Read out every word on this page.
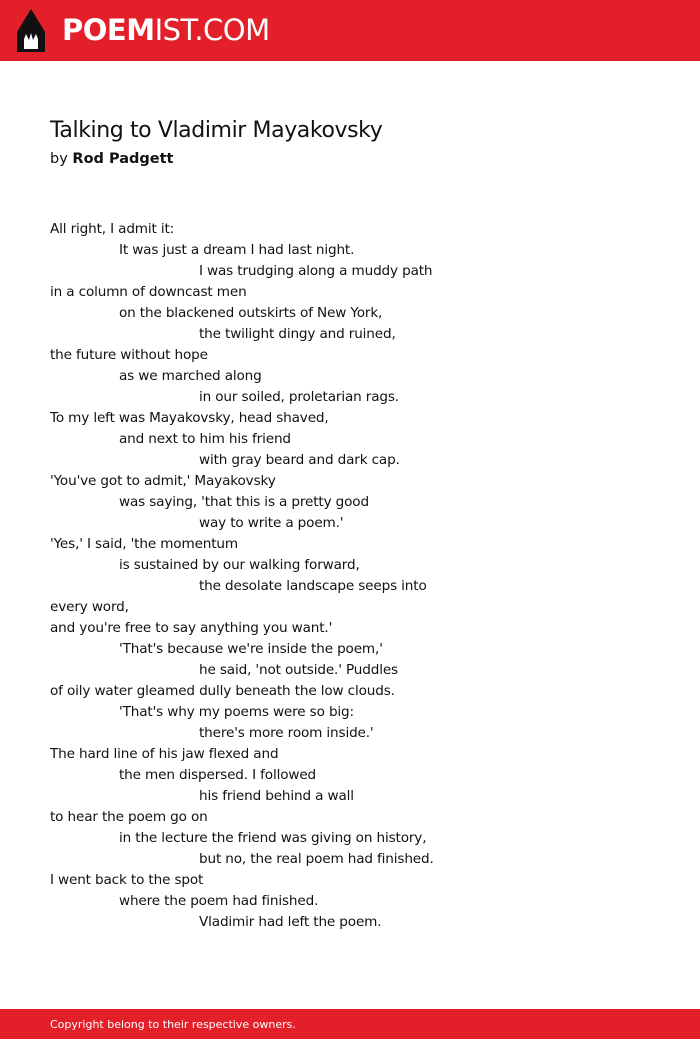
POEMIST.COM
Talking to Vladimir Mayakovsky
by Rod Padgett
All right, I admit it:
It was just a dream I had last night.
I was trudging along a muddy path
in a column of downcast men
on the blackened outskirts of New York,
the twilight dingy and ruined,
the future without hope
as we marched along
in our soiled, proletarian rags.
To my left was Mayakovsky, head shaved,
and next to him his friend
with gray beard and dark cap.
'You've got to admit,' Mayakovsky
was saying, 'that this is a pretty good
way to write a poem.'
'Yes,' I said, 'the momentum
is sustained by our walking forward,
the desolate landscape seeps into
every word,
and you're free to say anything you want.'
'That's because we're inside the poem,'
he said, 'not outside.' Puddles
of oily water gleamed dully beneath the low clouds.
'That's why my poems were so big:
there's more room inside.'
The hard line of his jaw flexed and
the men dispersed. I followed
his friend behind a wall
to hear the poem go on
in the lecture the friend was giving on history,
but no, the real poem had finished.
I went back to the spot
where the poem had finished.
Vladimir had left the poem.
Copyright belong to their respective owners.
